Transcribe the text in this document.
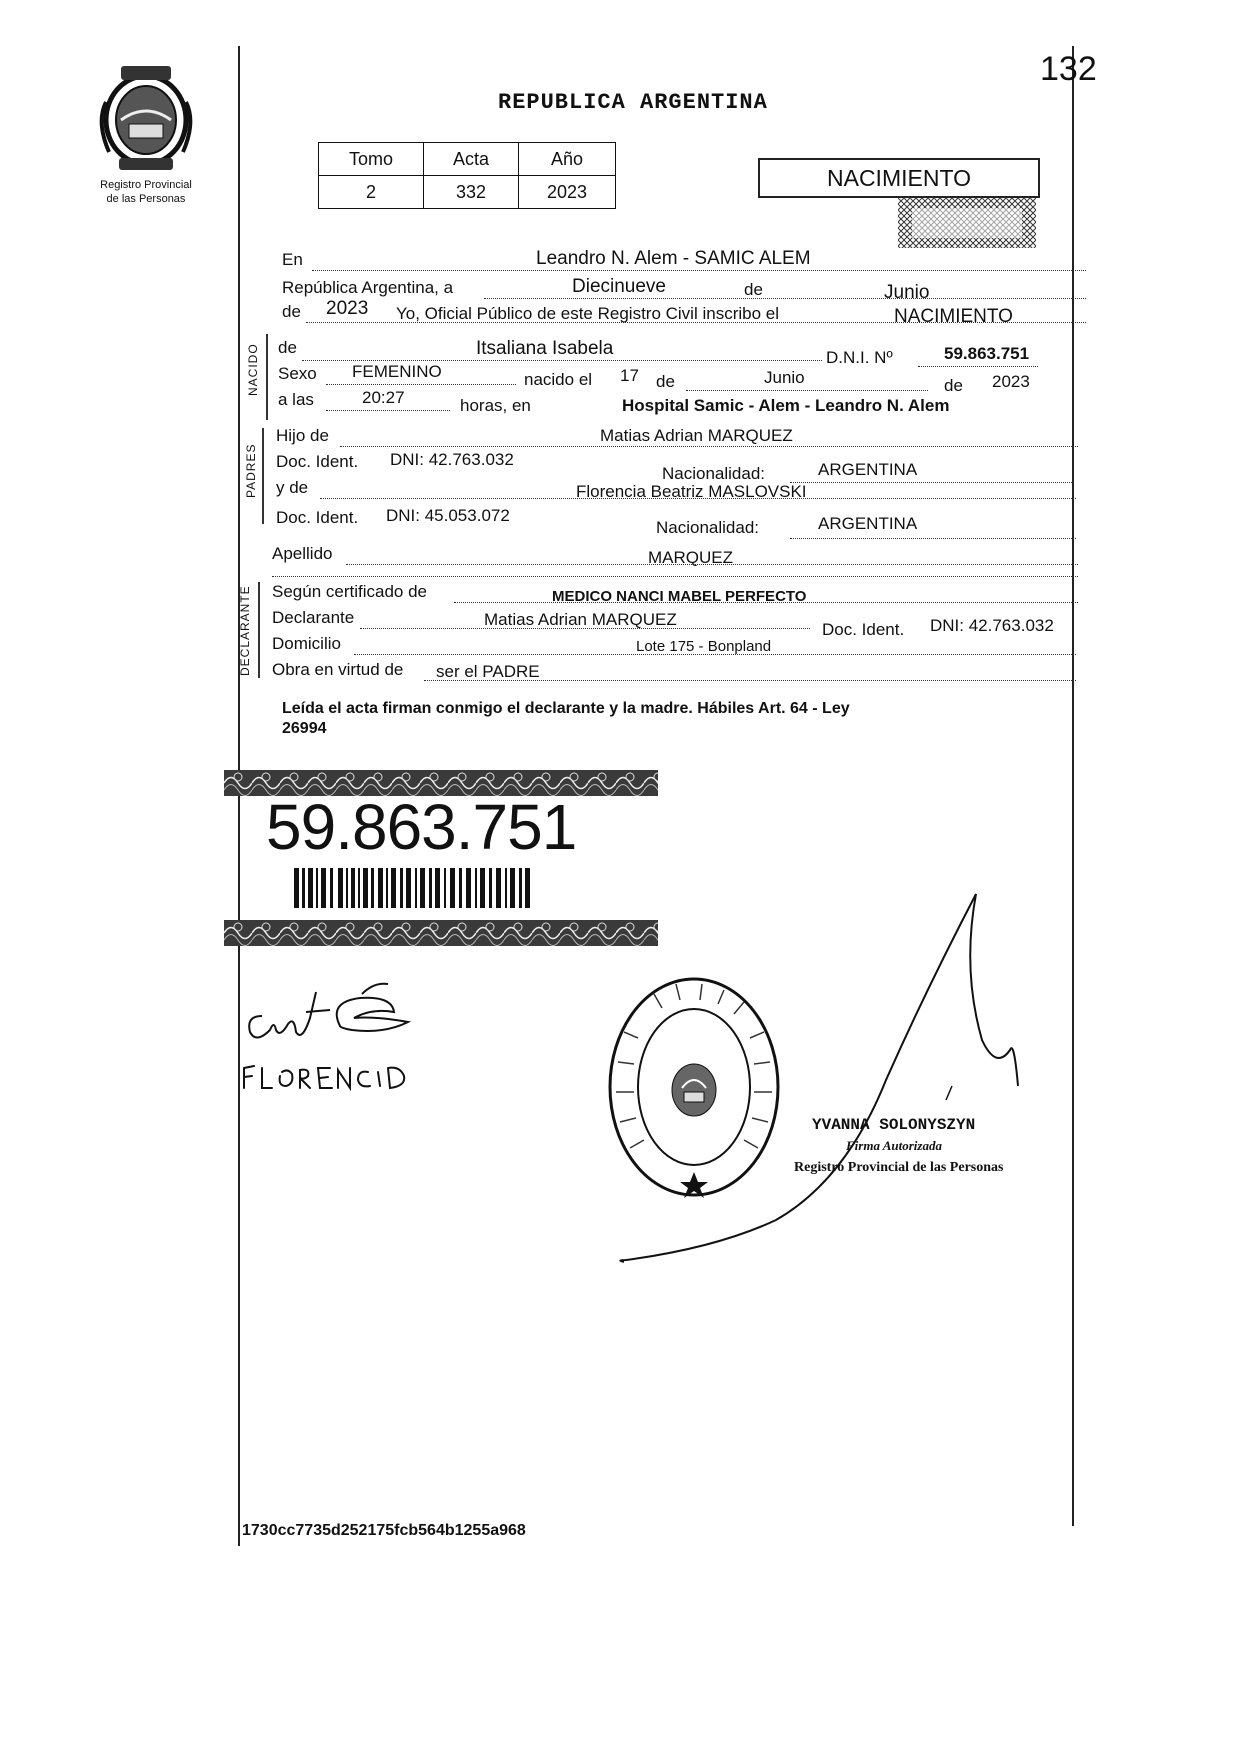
Registro Provincial
de las Personas
132
REPUBLICA ARGENTINA
Tomo	Acta	Año
2	332	2023
NACIMIENTO
En	Leandro N. Alem - SAMIC ALEM
República Argentina, a	Diecinueve	de	Junio
de 2023 Yo, Oficial Público de este Registro Civil inscribo el	NACIMIENTO
NACIDO de	Itsaliana Isabela	D.N.I. Nº	59.863.751
Sexo FEMENINO	nacido el 17 de	Junio	de 2023
a las	20:27	horas, en	Hospital Samic - Alem - Leandro N. Alem
PADRES
Hijo de	Matias Adrian MARQUEZ
Doc. Ident. DNI: 42.763.032
Nacionalidad:	ARGENTINA
y de	Florencia Beatriz MASLOVSKI
Doc. Ident. DNI: 45.053.072
Nacionalidad:	ARGENTINA
Apellido	MARQUEZ
DECLARANTE Según certificado de	MEDICO NANCI MABEL PERFECTO
Declarante	Matias Adrian MARQUEZ
Doc. Ident. DNI: 42.763.032
Domicilio	Lote 175 - Bonpland
Obra en virtud de ser el PADRE
Leída el acta firman conmigo el declarante y la madre. Hábiles Art. 64 - Ley
26994
59.863.751
YVANNA SOLONYSZYN
Firma Autorizada
Registro Provincial de las Personas
1730cc7735d252175fcb564b1255a968
